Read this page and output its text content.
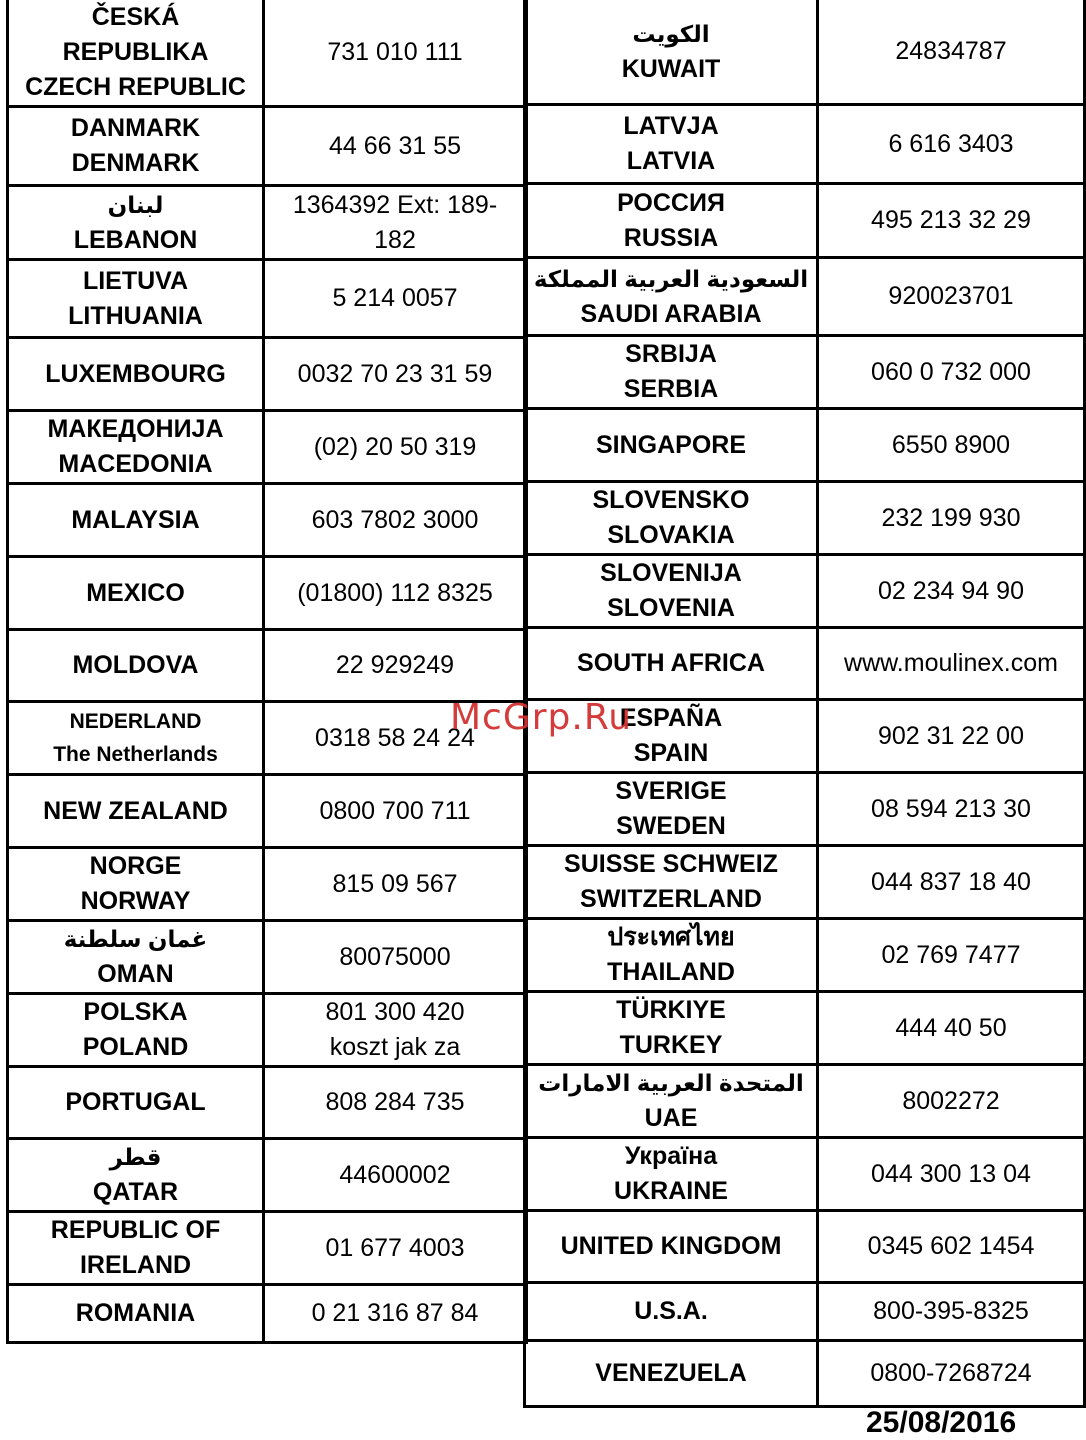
ČESKÁ
REPUBLIKA
CZECH REPUBLIC	731 010 111

DANMARK
DENMARK	44 66 31 55

لبنان
LEBANON	1364392 Ext: 189-
182

LIETUVA
LITHUANIA	5 214 0057

LUXEMBOURG	0032 70 23 31 59

МАКЕДОНИЈА
MACEDONIA	(02) 20 50 319

MALAYSIA	603 7802 3000

MEXICO	(01800) 112 8325

MOLDOVA	22 929249

NEDERLAND
The Netherlands	0318 58 24 24

NEW ZEALAND	0800 700 711

NORGE
NORWAY	815 09 567

غمان سلطنة
OMAN	80075000

POLSKA
POLAND	801 300 420
koszt jak za

PORTUGAL	808 284 735

قطر
QATAR	44600002

REPUBLIC OF
IRELAND	01 677 4003

ROMANIA	0 21 316 87 84
الكويت
KUWAIT	24834787

LATVJA
LATVIA	6 616 3403

РОССИЯ
RUSSIA	495 213 32 29

السعودية العربية المملكة
SAUDI ARABIA	920023701

SRBIJA
SERBIA	060 0 732 000

SINGAPORE	6550 8900

SLOVENSKO
SLOVAKIA	232 199 930

SLOVENIJA
SLOVENIA	02 234 94 90

SOUTH AFRICA	www.moulinex.com

ESPAÑA
SPAIN	902 31 22 00

SVERIGE
SWEDEN	08 594 213 30

SUISSE SCHWEIZ
SWITZERLAND	044 837 18 40

ประเทศไทย
THAILAND	02 769 7477

TÜRKIYE
TURKEY	444 40 50

المتحدة العربية الامارات
UAE	8002272

Україна
UKRAINE	044 300 13 04

UNITED KINGDOM	0345 602 1454

U.S.A.	800-395-8325

VENEZUELA	0800-7268724
McGrp.Ru
25/08/2016
